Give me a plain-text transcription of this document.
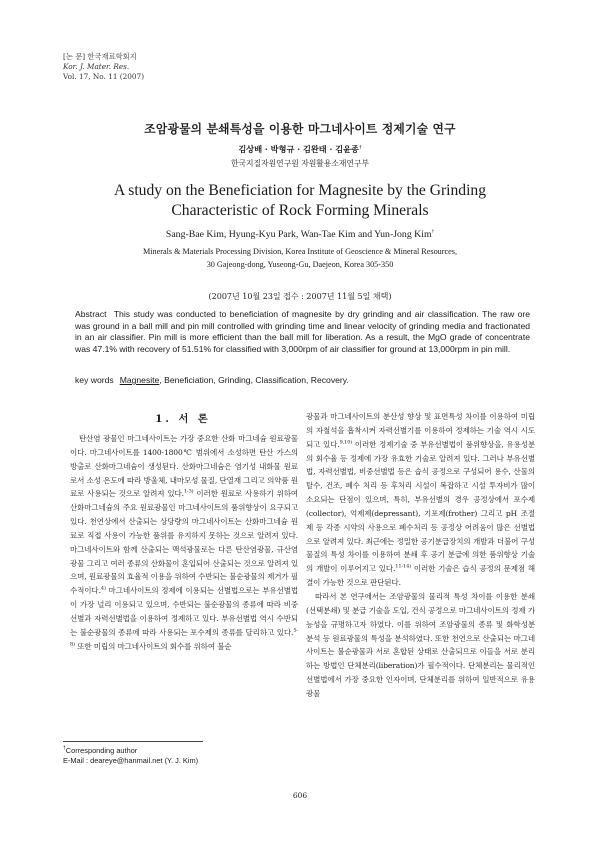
[논 문] 한국재료학회지
Kor. J. Mater. Res.
Vol. 17, No. 11 (2007)
조암광물의 분쇄특성을 이용한 마그네사이트 정제기술 연구
김상배 · 박형규 · 김완태 · 김윤종†
한국지질자원연구원 자원활용소재연구부
A study on the Beneficiation for Magnesite by the Grinding
Characteristic of Rock Forming Minerals
Sang-Bae Kim, Hyung-Kyu Park, Wan-Tae Kim and Yun-Jong Kim†
Minerals & Materials Processing Division, Korea Institute of Geoscience & Mineral Resources,
30 Gajeong-dong, Yuseong-Gu, Daejeon, Korea 305-350
(2007년 10월 23일 접수 : 2007년 11월 5일 채택)
Abstract This study was conducted to beneficiation of magnesite by dry grinding and air classification. The raw ore was ground in a ball mill and pin mill controlled with grinding time and linear velocity of grinding media and fractionated in an air classifier. Pin mill is more efficient than the ball mill for liberation. As a result, the MgO grade of concentrate was 47.1% with recovery of 51.51% for classified with 3,000rpm of air classifier for ground at 13,000rpm in pin mill.
key words Magnesite, Beneficiation, Grinding, Classification, Recovery.
1. 서 론

탄산염 광물인 마그네사이트는 가장 중요한 산화 마그네슘 원료광물이다. 마그네사이트를 1400-1800℃ 범위에서 소성하면 탄산 가스의 방출로 산화마그네슘이 생성된다. 산화마그네슘은 염기성 내화물 원료로서 소성 온도에 따라 방울체, 내마모성 물질, 단열재 그리고 의약품 원료로 사용되는 것으로 알려져 있다.$^{1-3)}$ 이러한 원료로 사용하기 위하여 산화마그네슘의 주요 원료광물인 마그네사이트의 품위향상이 요구되고 있다. 천연상에서 산출되는 상당량의 마그네사이트는 산화마그네슘 원료로 직접 사용이 가능한 품위를 유지하지 못하는 것으로 알려져 있다. 마그네사이트와 함께 산출되는 맥석광물로는 다른 탄산염광물, 규산염 광물 그리고 여러 종류의 산화물이 혼입되어 산출되는 것으로 알려져 있으며, 원료광물의 효율적 이용을 위하여 수반되는 불순광물의 제거가 필수적이다.$^{4)}$ 마그네사이트의 정제에 이용되는 선별법으로는 부유선별법이 가장 널리 이용되고 있으며, 수반되는 불순광물의 종류에 따라 비중선별과 자력선별법을 이용하여 정제하고 있다. 부유선별법 역시 수반되는 불순광물의 종류에 따라 사용되는 포수제의 종류를 달리하고 있다.$^{5-8)}$ 또한 미립의 마그네사이트의 회수를 위하여 불순

광물과 마그네사이트의 분산성 향상 및 표면특성 차이를 이용하여 미립의 자철석을 흡착시켜 자력선별기를 이용하여 정제하는 기술 역시 시도되고 있다.$^{9,10)}$ 이러한 정제기술 중 부유선별법이 품위향상을, 유용성분의 회수율 등 정제에 가장 유효한 기술로 알려져 있다. 그러나 부유선별법, 자력선별법, 비중선별법 등은 습식 공정으로 구성되어 용수, 산물의 탈수, 건조, 폐수 처리 등 후처리 시설이 복잡하고 시설 투자비가 많이 소요되는 단점이 있으며, 특히, 부유선별의 경우 공정상에서 포수제(collector), 억제제(depressant), 기포제(frother) 그리고 pH 조절제 등 각종 시약의 사용으로 폐수처리 등 공정상 어려움이 많은 선별법으로 알려져 있다. 최근에는 정밀한 공기분급장치의 개발과 더불어 구성 물질의 특성 차이를 이용하여 분쇄 후 공기 분급에 의한 품위향상 기술의 개발이 이루어지고 있다.$^{11-14)}$ 이러한 기술은 습식 공정의 문제점 해결이 가능한 것으로 판단된다.

따라서 본 연구에서는 조암광물의 물리적 특성 차이를 이용한 분쇄(선택분쇄) 및 분급 기술을 도입, 건식 공정으로 마그네사이트의 정제 가능성을 규명하고자 하였다. 이를 위하여 조암광물의 종류 및 화학성분 분석 등 원료광물의 특성을 분석하였다. 또한 천연으로 산출되는 마그네사이트는 불순광물과 서로 혼합된 상태로 산출되므로 이들을 서로 분리하는 방법인 단체분리(liberation)가 필수적이다. 단체분리는 물리적인 선별법에서 가장 중요한 인자이며, 단체분리를 위하여 일반적으로 유용광물

†Corresponding author
E-Mail : deareye@hanmail.net (Y. J. Kim)
606
